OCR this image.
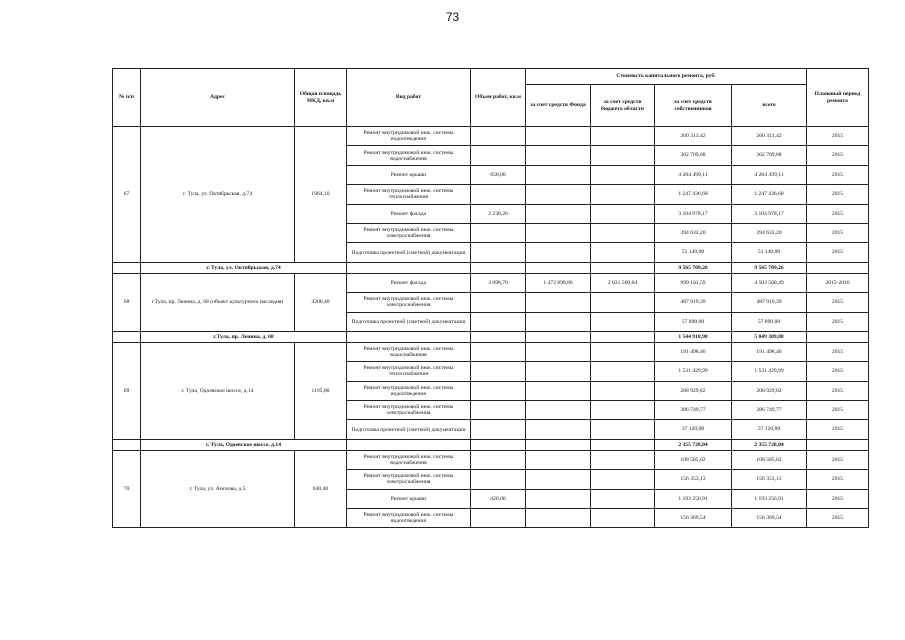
73
№ п/п	Адрес	Общая площадь МКД, кв.м	Вид работ	Объем работ, кв.м	Стоимость капитального ремонта, руб.				Плановый период ремонта
					за счет средств Фонда	за счет средств бюджета области	за счет средств собственников	всего	
67	г. Тула, ул. Октябрьская, д.74	1964,10	Ремонт внутридомовой инж. системы водоотведения				260 313,42	260 313,42	2015
			Ремонт внутридомовой инж. системы водоснабжения				302 709,68	302 709,68	2015
			Ремонт крыши	658,00			4 204 499,11	4 204 499,11	2015
			Ремонт внутридомовой инж. системы теплоснабжения				1 247 436,68	1 247 436,68	2015
			Ремонт фасада	2 230,26			3 104 978,17	3 104 978,17	2015
			Ремонт внутридомовой инж. системы электроснабжения				394 632,20	394 632,20	2015
			Подготовка проектной (сметной) документации				51 140,00	51 140,00	2015
	г. Тула, ул. Октябрьская, д.74						9 565 709,26	9 565 709,26	
68	г.Тула, пр. Ленина, д. 68 (объект культурного наследия)	4200,40	Ремонт фасада	3 098,70	1 472 898,86	2 031 500,04	999 101,59	4 503 500,49	2015-2016
			Ремонт внутридомовой инж. системы электроснабжения				487 919,39	487 919,39	2015
			Подготовка проектной (сметной) документации				57 890,00	57 890,00	2015
	г.Тула, пр. Ленина, д. 68						1 544 910,98	5 049 309,88	
69	г. Тула, Одоевское шоссе, д.14	1195,00	Ремонт внутридомовой инж. системы водоснабжения				191 498,46	191 498,46	2015
			Ремонт внутридомовой инж. системы теплоснабжения				1 531 429,99	1 531 429,99	2015
			Ремонт внутридомовой инж. системы водоотведения				208 929,82	208 929,82	2015
			Ремонт внутридомовой инж. системы электроснабжения				386 749,77	386 749,77	2015
			Подготовка проектной (сметной) документации				37 120,00	37 120,00	2015
	г. Тула, Одоевское шоссе, д.14						2 355 728,04	2 355 728,04	
70	г. Тула, ул. Ансеова, д.5	640,40	Ремонт внутридомовой инж. системы водоснабжения				108 585,62	108 585,62	2015
			Ремонт внутридомовой инж. системы электроснабжения				156 353,13	156 353,13	2015
			Ремонт крыши	420,00			1 193 256,91	1 193 256,91	2015
			Ремонт внутридомовой инж. системы водоотведения				156 369,54	156 369,54	2015
